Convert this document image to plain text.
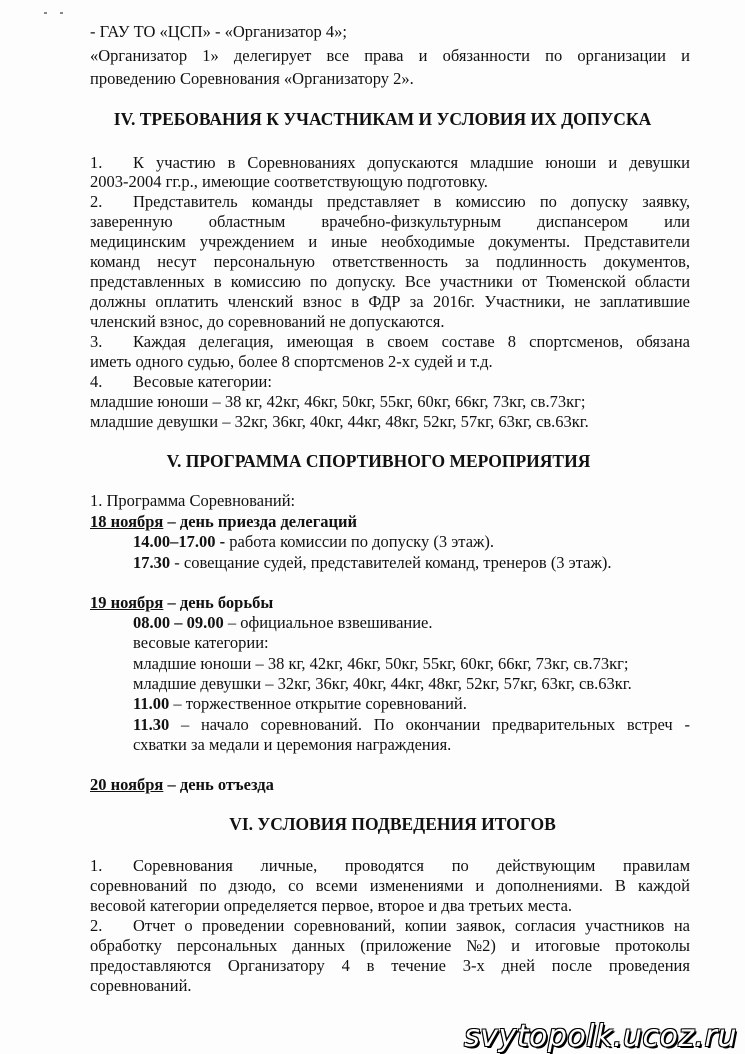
- ГАУ ТО «ЦСП» - «Организатор 4»;
«Организатор 1» делегирует все права и обязанности по организации и
проведению Соревнования «Организатору 2».
IV. ТРЕБОВАНИЯ К УЧАСТНИКАМ И УСЛОВИЯ ИХ ДОПУСКА
1. К участию в Соревнованиях допускаются младшие юноши и девушки
2003-2004 гг.р., имеющие соответствующую подготовку.
2. Представитель команды представляет в комиссию по допуску заявку,
заверенную областным врачебно-физкультурным диспансером или
медицинским учреждением и иные необходимые документы. Представители
команд несут персональную ответственность за подлинность документов,
представленных в комиссию по допуску. Все участники от Тюменской области
должны оплатить членский взнос в ФДР за 2016г. Участники, не заплатившие
членский взнос, до соревнований не допускаются.
3. Каждая делегация, имеющая в своем составе 8 спортсменов, обязана
иметь одного судью, более 8 спортсменов 2-х судей и т.д.
4. Весовые категории:
младшие юноши – 38 кг, 42кг, 46кг, 50кг, 55кг, 60кг, 66кг, 73кг, св.73кг;
младшие девушки – 32кг, 36кг, 40кг, 44кг, 48кг, 52кг, 57кг, 63кг, св.63кг.
V. ПРОГРАММА СПОРТИВНОГО МЕРОПРИЯТИЯ
1. Программа Соревнований:
18 ноября – день приезда делегаций
14.00–17.00 - работа комиссии по допуску (3 этаж).
17.30 - совещание судей, представителей команд, тренеров (3 этаж).
19 ноября – день борьбы
08.00 – 09.00 – официальное взвешивание.
весовые категории:
младшие юноши – 38 кг, 42кг, 46кг, 50кг, 55кг, 60кг, 66кг, 73кг, св.73кг;
младшие девушки – 32кг, 36кг, 40кг, 44кг, 48кг, 52кг, 57кг, 63кг, св.63кг.
11.00 – торжественное открытие соревнований.
11.30 – начало соревнований. По окончании предварительных встреч -
схватки за медали и церемония награждения.
20 ноября – день отъезда
VI. УСЛОВИЯ ПОДВЕДЕНИЯ ИТОГОВ
1. Соревнования личные, проводятся по действующим правилам
соревнований по дзюдо, со всеми изменениями и дополнениями. В каждой
весовой категории определяется первое, второе и два третьих места.
2. Отчет о проведении соревнований, копии заявок, согласия участников на
обработку персональных данных (приложение №2) и итоговые протоколы
предоставляются Организатору 4 в течение 3-х дней после проведения
соревнований.
svytopolk.ucoz.ru
